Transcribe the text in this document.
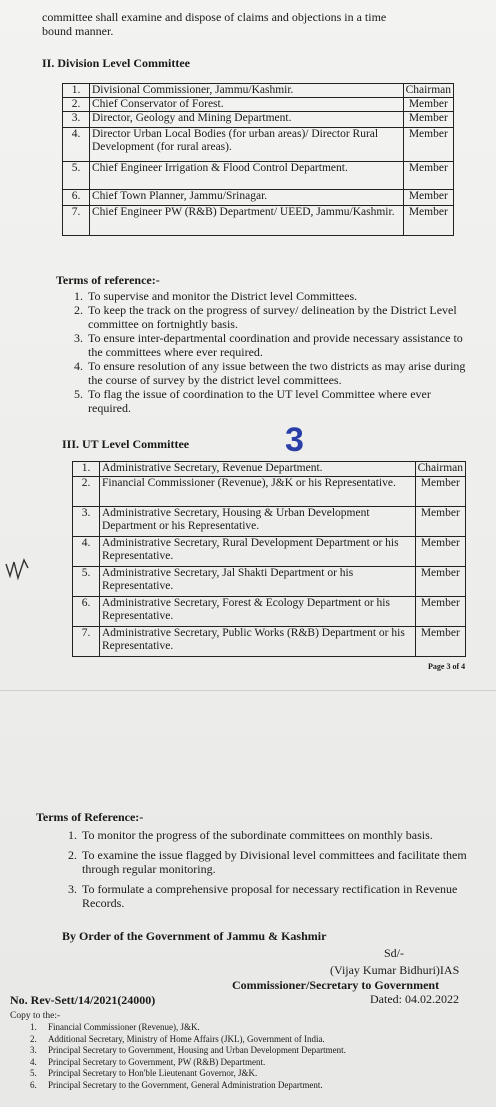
committee shall examine and dispose of claims and objections in a time
bound manner.
II. Division Level Committee
1.	Divisional Commissioner, Jammu/Kashmir.	Chairman
2.	Chief Conservator of Forest.	Member
3.	Director, Geology and Mining Department.	Member
4.	Director Urban Local Bodies (for urban areas)/ Director Rural Development (for rural areas).	Member
5.	Chief Engineer Irrigation & Flood Control Department.	Member
6.	Chief Town Planner, Jammu/Srinagar.	Member
7.	Chief Engineer PW (R&B) Department/ UEED, Jammu/Kashmir.	Member
Terms of reference:-
1. To supervise and monitor the District level Committees.
2. To keep the track on the progress of survey/ delineation by the District Level committee on fortnightly basis.
3. To ensure inter-departmental coordination and provide necessary assistance to the committees where ever required.
4. To ensure resolution of any issue between the two districts as may arise during the course of survey by the district level committees.
5. To flag the issue of coordination to the UT level Committee where ever required.
III. UT Level Committee	3
1.	Administrative Secretary, Revenue Department.	Chairman
2.	Financial Commissioner (Revenue), J&K or his Representative.	Member
3.	Administrative Secretary, Housing & Urban Development Department or his Representative.	Member
4.	Administrative Secretary, Rural Development Department or his Representative.	Member
5.	Administrative Secretary, Jal Shakti Department or his Representative.	Member
6.	Administrative Secretary, Forest & Ecology Department or his Representative.	Member
7.	Administrative Secretary, Public Works (R&B) Department or his Representative.	Member
Page 3 of 4
Terms of Reference:-
1. To monitor the progress of the subordinate committees on monthly basis.
2. To examine the issue flagged by Divisional level committees and facilitate them through regular monitoring.
3. To formulate a comprehensive proposal for necessary rectification in Revenue Records.
By Order of the Government of Jammu & Kashmir
Sd/-
(Vijay Kumar Bidhuri)IAS
Commissioner/Secretary to Government
No. Rev-Sett/14/2021(24000)	Dated: 04.02.2022
Copy to the:-
1. Financial Commissioner (Revenue), J&K.
2. Additional Secretary, Ministry of Home Affairs (JKL), Government of India.
3. Principal Secretary to Government, Housing and Urban Development Department.
4. Principal Secretary to Government, PW (R&B) Department.
5. Principal Secretary to Hon'ble Lieutenant Governor, J&K.
6. Principal Secretary to the Government, General Administration Department.
